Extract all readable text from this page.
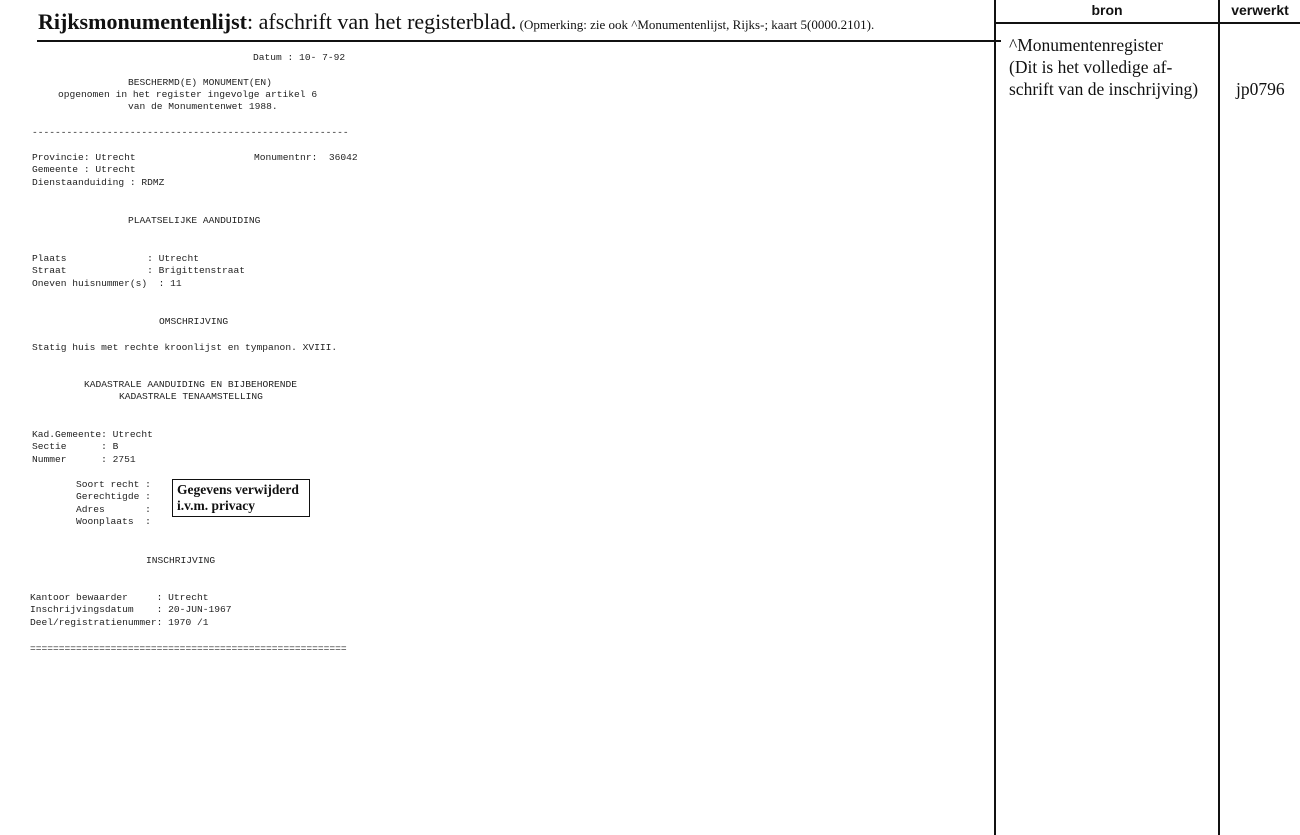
Rijksmonumentenlijst: afschrift van het registerblad. (Opmerking: zie ook ^Monumentenlijst, Rijks-; kaart 5(0000.2101).
bron	verwerkt
^Monumentenregister
(Dit is het volledige af-
schrift van de inschrijving)	jp0796
Datum : 10- 7-92
BESCHERMD(E) MONUMENT(EN)
opgenomen in het register ingevolge artikel 6
van de Monumentenwet 1988.
-------------------------------------------------------
Provincie: Utrecht	Monumentnr:  36042
Gemeente : Utrecht
Dienstaanduiding : RDMZ
PLAATSELIJKE AANDUIDING
Plaats              : Utrecht
Straat              : Brigittenstraat
Oneven huisnummer(s)  : 11
OMSCHRIJVING
Statig huis met rechte kroonlijst en tympanon. XVIII.
KADASTRALE AANDUIDING EN BIJBEHORENDE
KADASTRALE TENAAMSTELLING
Kad.Gemeente: Utrecht
Sectie      : B
Nummer      : 2751
Soort recht :
Gerechtigde :
Adres       :
Woonplaats  :
Gegevens verwijderd
i.v.m. privacy
INSCHRIJVING
Kantoor bewaarder     : Utrecht
Inschrijvingsdatum    : 20-JUN-1967
Deel/registratienummer: 1970 /1
=======================================================
